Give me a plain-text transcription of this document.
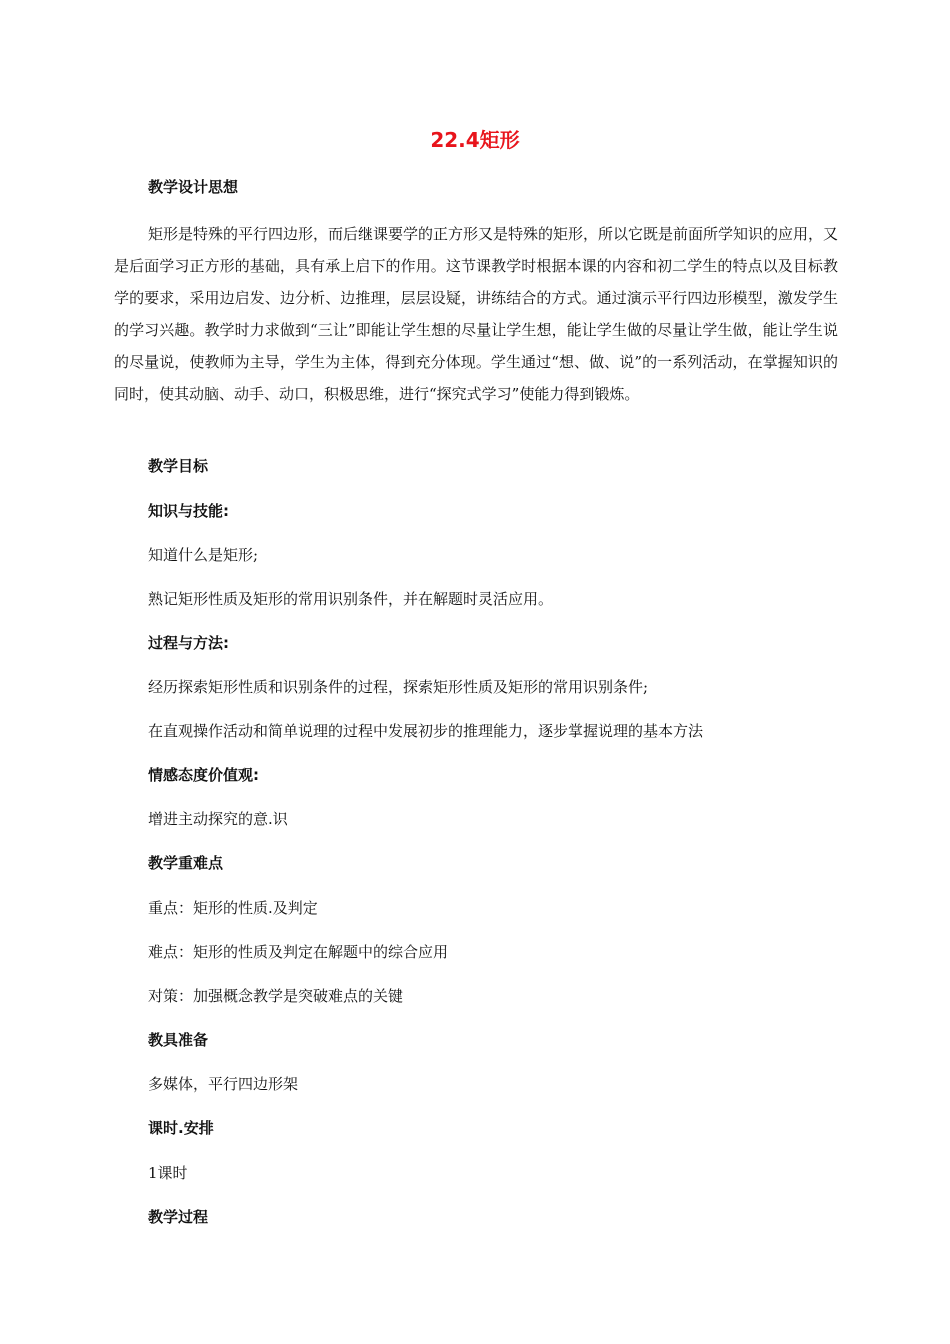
22.4矩形
教学设计思想

矩形是特殊的平行四边形，而后继课要学的正方形又是特殊的矩形，所以它既是前面所学知识的应用，又是后面学习正方形的基础，具有承上启下的作用。这节课教学时根据本课的内容和初二学生的特点以及目标教学的要求，采用边启发、边分析、边推理，层层设疑，讲练结合的方式。通过演示平行四边形模型，激发学生的学习兴趣。教学时力求做到“三让”即能让学生想的尽量让学生想，能让学生做的尽量让学生做，能让学生说的尽量说，使教师为主导，学生为主体，得到充分体现。学生通过“想、做、说”的一系列活动，在掌握知识的同时，使其动脑、动手、动口，积极思维，进行“探究式学习”使能力得到锻炼。

教学目标
知识与技能:
知道什么是矩形;
熟记矩形性质及矩形的常用识别条件，并在解题时灵活应用。
过程与方法:
经历探索矩形性质和识别条件的过程，探索矩形性质及矩形的常用识别条件;
在直观操作活动和简单说理的过程中发展初步的推理能力，逐步掌握说理的基本方法
情感态度价值观:
增进主动探究的意.识
教学重难点
重点：矩形的性质.及判定
难点：矩形的性质及判定在解题中的综合应用
对策：加强概念教学是突破难点的关键
教具准备
多媒体，平行四边形架
课时.安排
1课时
教学过程
